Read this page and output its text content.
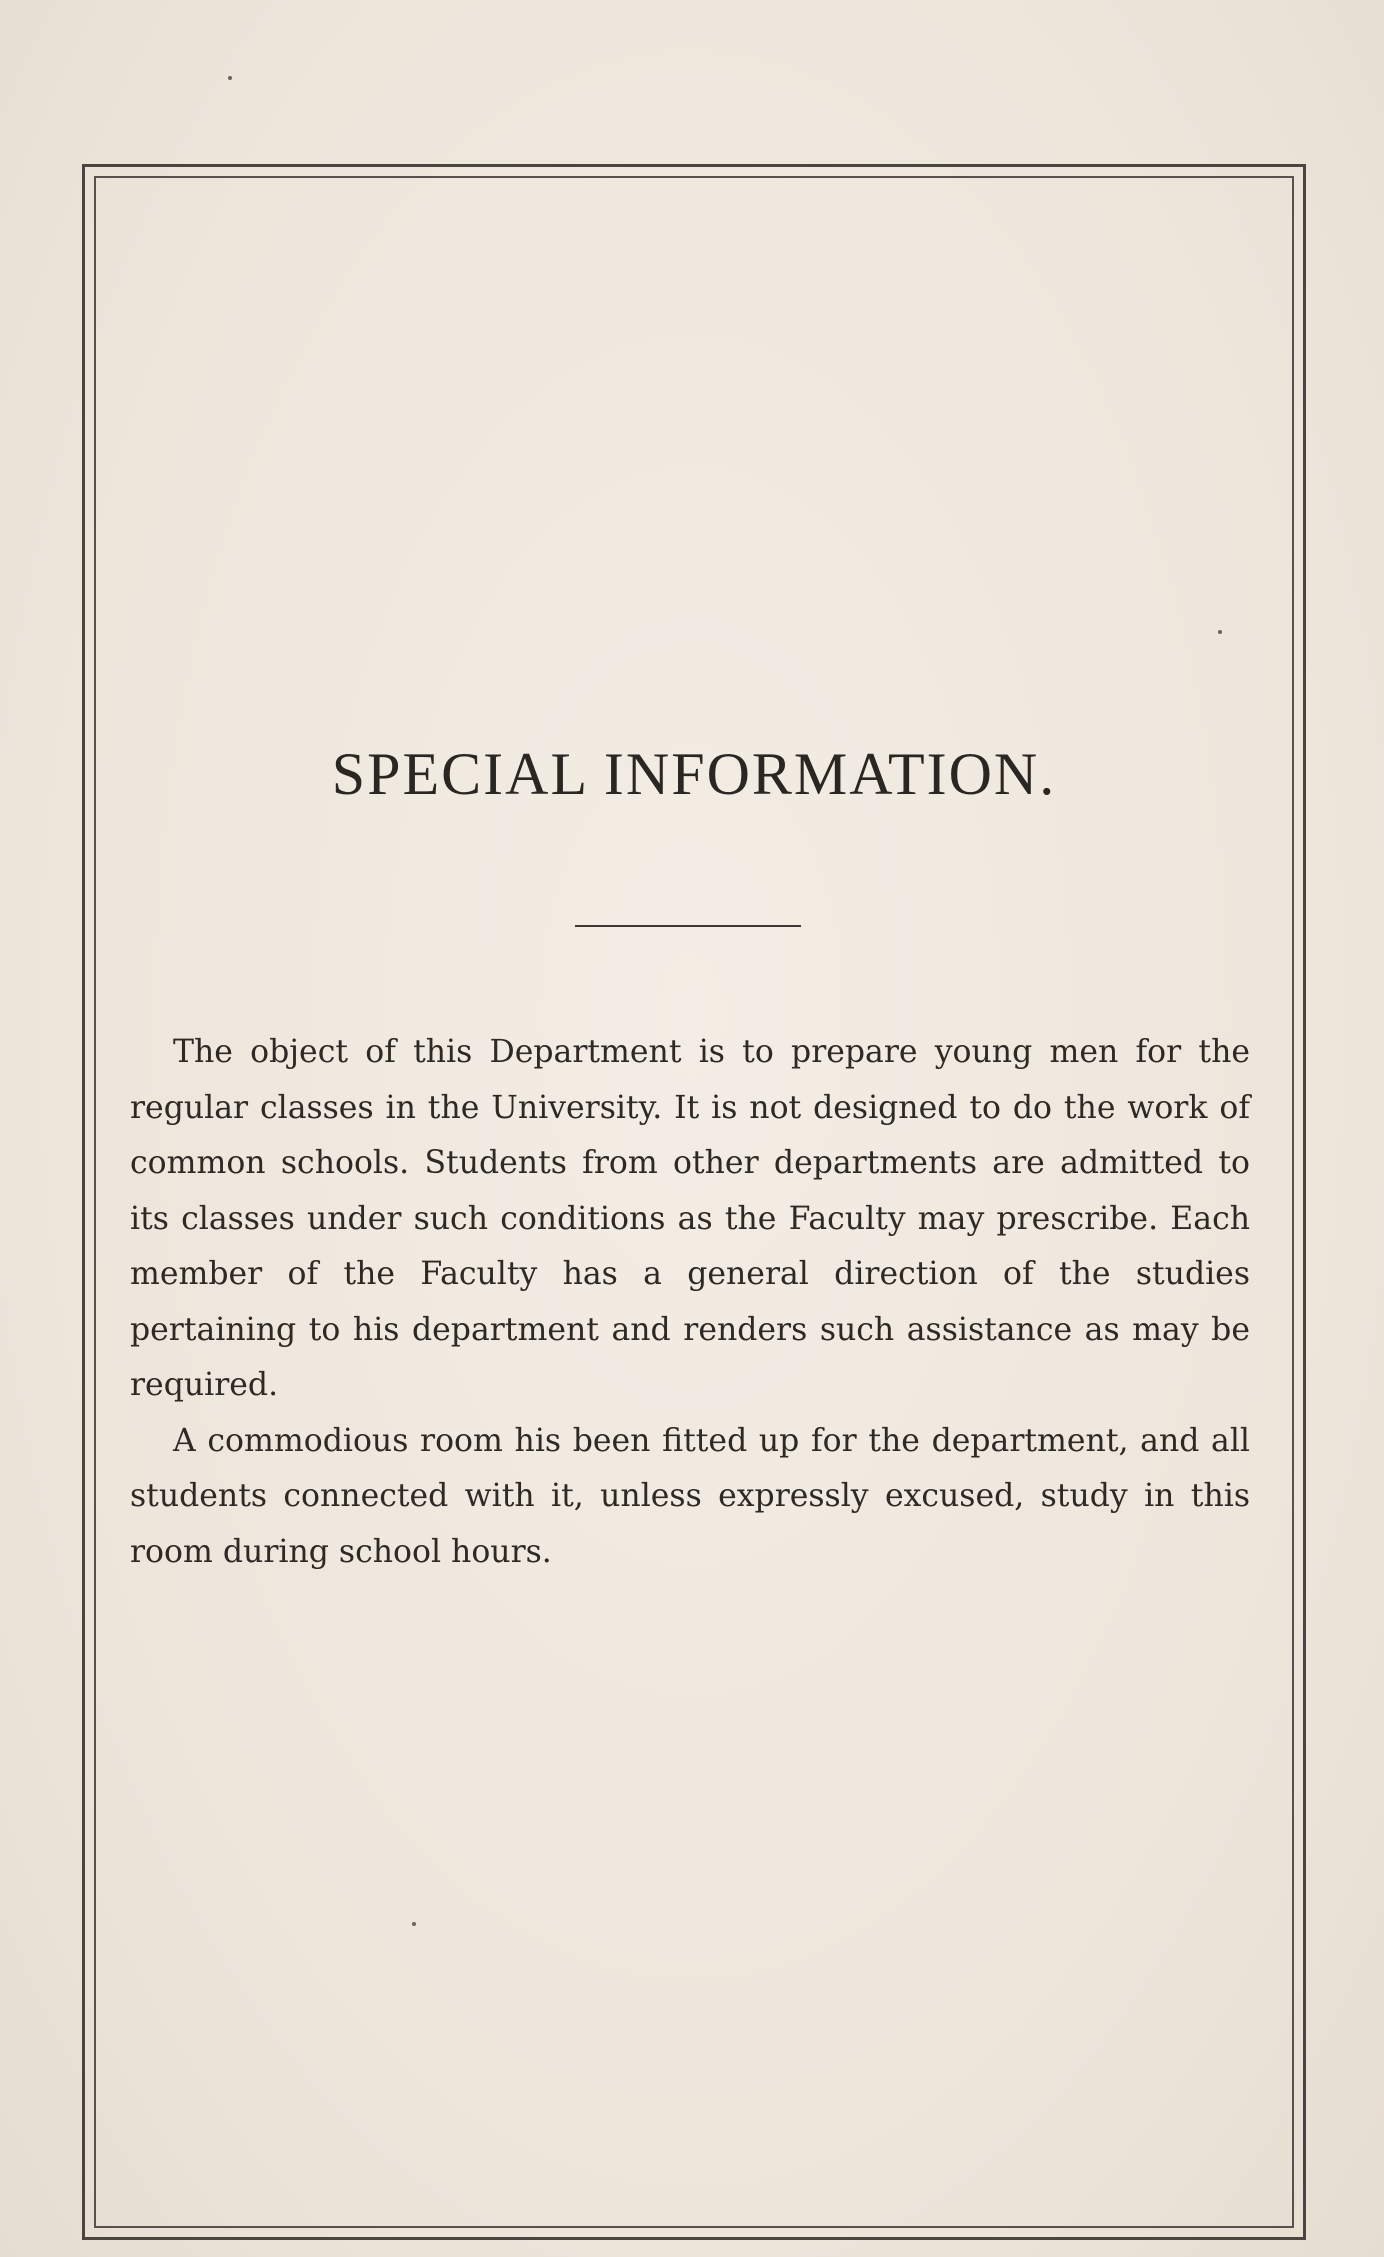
SPECIAL INFORMATION.

The object of this Department is to prepare young men for the regular classes in the University. It is not designed to do the work of common schools. Students from other departments are admitted to its classes under such conditions as the Faculty may prescribe. Each member of the Faculty has a general direction of the studies pertaining to his department and renders such assistance as may be required.

A commodious room his been fitted up for the department, and all students connected with it, unless expressly excused, study in this room during school hours.
